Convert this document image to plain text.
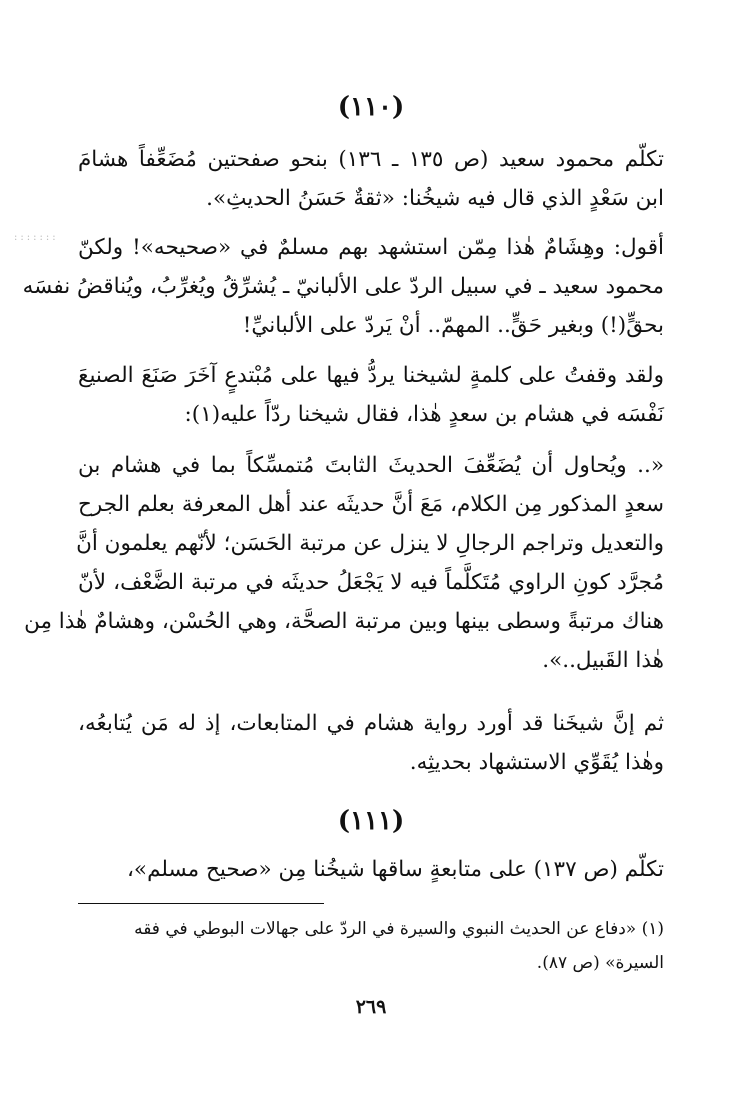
:::::::
(١١٠)
تكلّم محمود سعيد (ص ١٣٥ ـ ١٣٦) بنحو صفحتين مُضَعِّفاً هشامَ
ابن سَعْدٍ الذي قال فيه شيخُنا: «ثقةٌ حَسَنُ الحديثِ».
أقول: وهِشَامٌ هٰذا مِمّن استشهد بهم مسلمٌ في «صحيحه»! ولكنّ
محمود سعيد ـ في سبيل الردّ على الألبانيّ ـ يُشرِّقُ ويُغرِّبُ، ويُناقضُ نفسَه
بحقٍّ(!) وبغير حَقٍّ.. المهمّ.. أنْ يَردّ على الألبانيِّ!
ولقد وقفتُ على كلمةٍ لشيخنا يردُّ فيها على مُبْتدعٍ آخَرَ صَنَعَ الصنيعَ
نَفْسَه في هشام بن سعدٍ هٰذا، فقال شيخنا ردّاً عليه(١):
«.. ويُحاول أن يُضَعِّفَ الحديثَ الثابتَ مُتمسِّكاً بما في هشام بن
سعدٍ المذكور مِن الكلام، مَعَ أنَّ حديثَه عند أهل المعرفة بعلم الجرح
والتعديل وتراجم الرجالِ لا ينزل عن مرتبة الحَسَن؛ لأنّهم يعلمون أنَّ
مُجرَّد كونِ الراوي مُتَكلَّماً فيه لا يَجْعَلُ حديثَه في مرتبة الضَّعْف، لأنّ
هناك مرتبةً وسطى بينها وبين مرتبة الصحَّة، وهي الحُسْن، وهشامٌ هٰذا مِن
هٰذا القَبيل..».
ثم إنَّ شيخَنا قد أورد رواية هشام في المتابعات، إذ له مَن يُتابعُه،
وهٰذا يُقَوِّي الاستشهاد بحديثِه.
(١١١)
تكلّم (ص ١٣٧) على متابعةٍ ساقها شيخُنا مِن «صحيح مسلم»،
(١) «دفاع عن الحديث النبوي والسيرة في الردّ على جهالات البوطي في فقه
السيرة» (ص ٨٧).
٢٦٩
